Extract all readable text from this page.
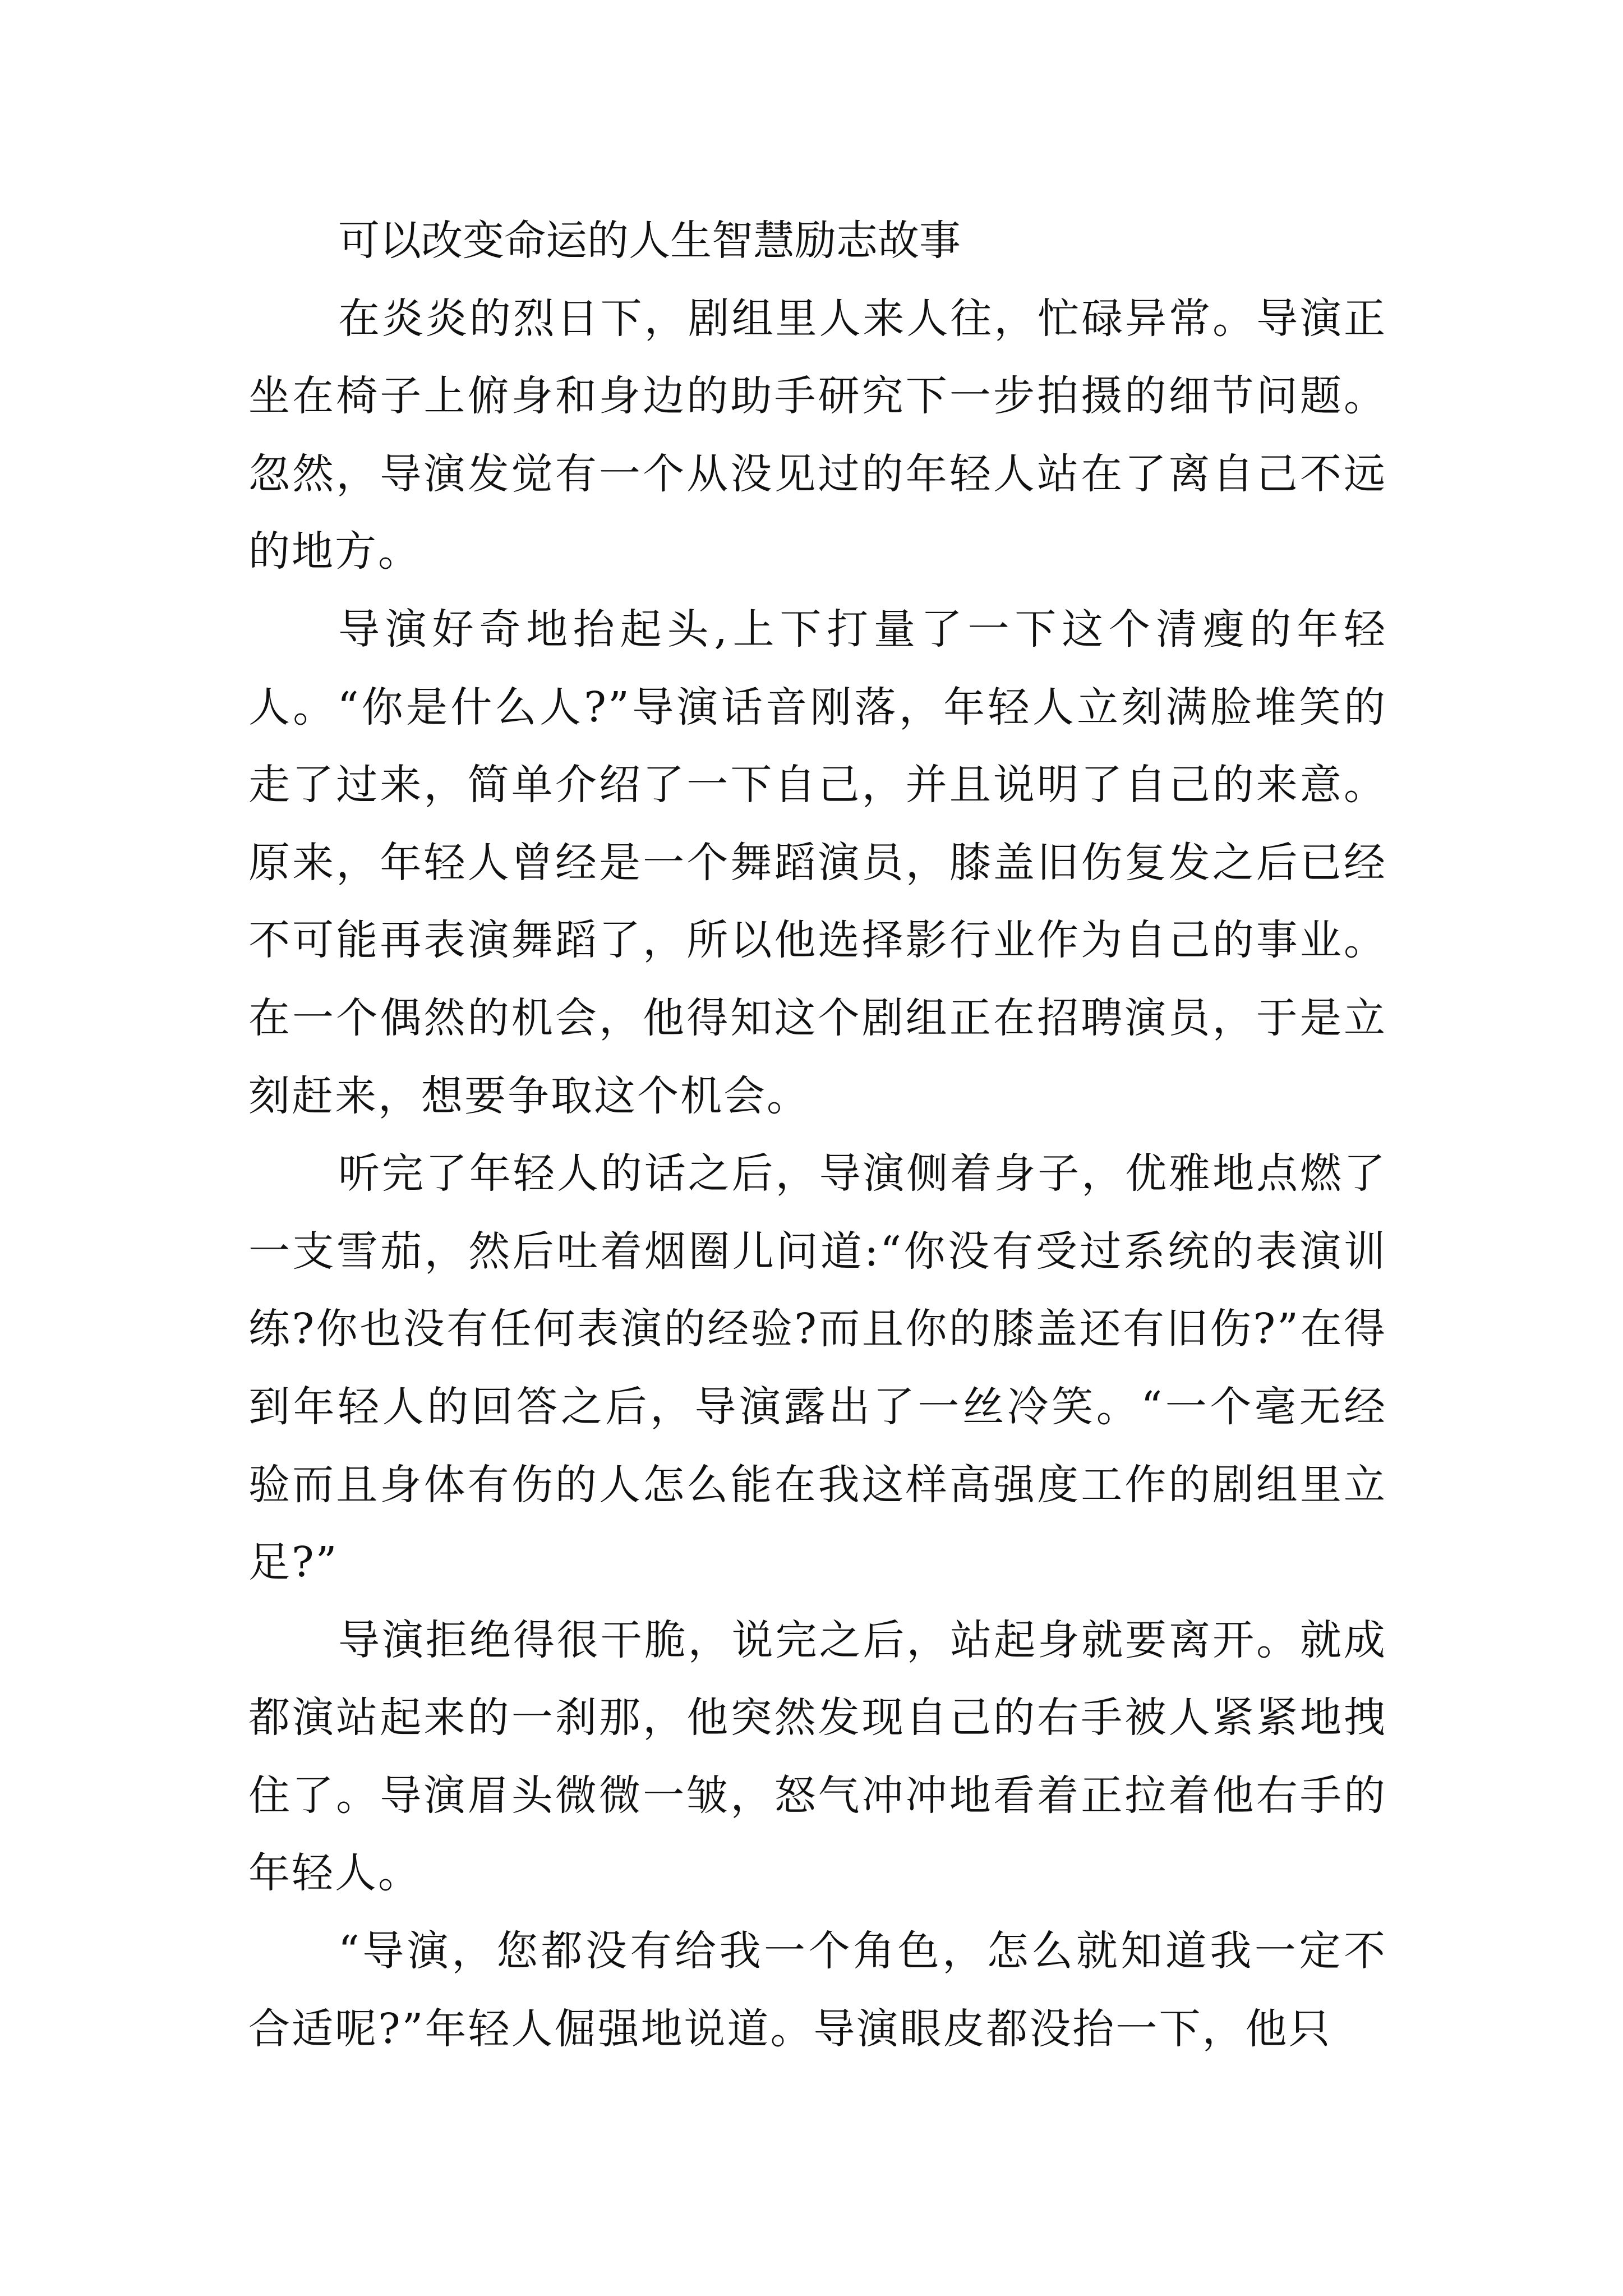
可以改变命运的人生智慧励志故事

在炎炎的烈日下，剧组里人来人往，忙碌异常。导演正坐在椅子上俯身和身边的助手研究下一步拍摄的细节问题。忽然，导演发觉有一个从没见过的年轻人站在了离自己不远的地方。

导演好奇地抬起头,上下打量了一下这个清瘦的年轻人。“你是什么人?”导演话音刚落，年轻人立刻满脸堆笑的走了过来，简单介绍了一下自己，并且说明了自己的来意。原来，年轻人曾经是一个舞蹈演员，膝盖旧伤复发之后已经不可能再表演舞蹈了，所以他选择影行业作为自己的事业。在一个偶然的机会，他得知这个剧组正在招聘演员，于是立刻赶来，想要争取这个机会。

听完了年轻人的话之后，导演侧着身子，优雅地点燃了一支雪茄，然后吐着烟圈儿问道:“你没有受过系统的表演训练?你也没有任何表演的经验?而且你的膝盖还有旧伤?”在得到年轻人的回答之后，导演露出了一丝冷笑。“一个毫无经验而且身体有伤的人怎么能在我这样高强度工作的剧组里立足?”

导演拒绝得很干脆，说完之后，站起身就要离开。就成都演站起来的一刹那，他突然发现自己的右手被人紧紧地拽住了。导演眉头微微一皱，怒气冲冲地看着正拉着他右手的年轻人。

“导演，您都没有给我一个角色，怎么就知道我一定不合适呢?”年轻人倔强地说道。导演眼皮都没抬一下，他只
